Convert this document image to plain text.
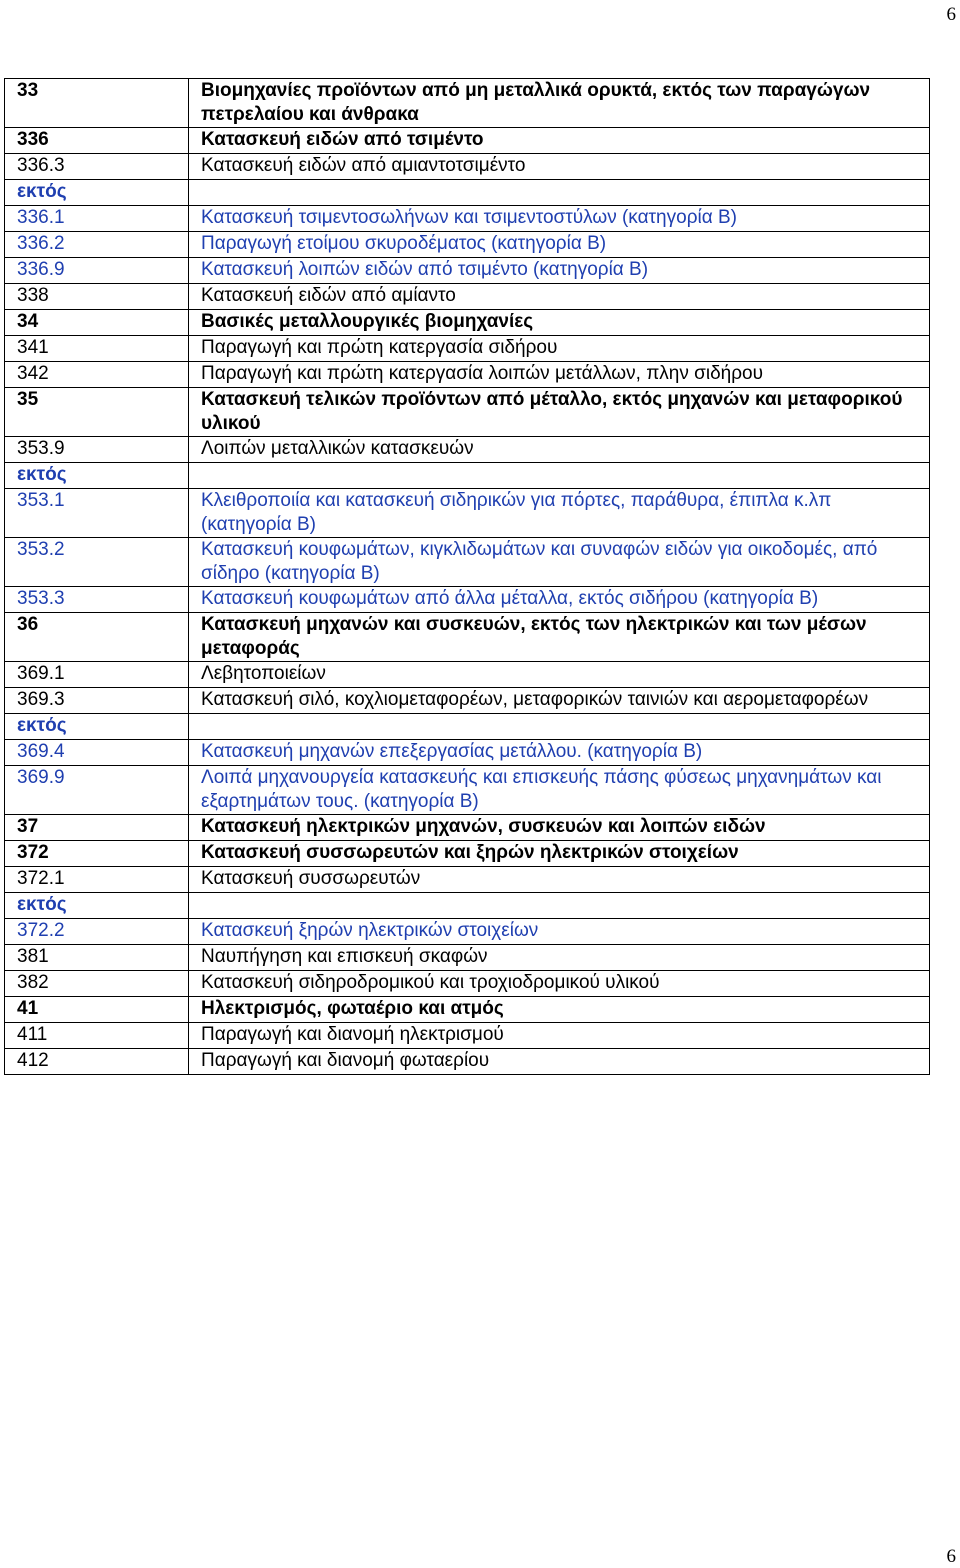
6
33	Βιομηχανίες προϊόντων από μη μεταλλικά ορυκτά, εκτός των παραγώγων πετρελαίου και άνθρακα
336	Κατασκευή ειδών από τσιμέντο
336.3	Κατασκευή ειδών από αμιαντοτσιμέντο
εκτός	
336.1	Κατασκευή τσιμεντοσωλήνων και τσιμεντοστύλων (κατηγορία Β)
336.2	Παραγωγή ετοίμου σκυροδέματος (κατηγορία Β)
336.9	Κατασκευή λοιπών ειδών από τσιμέντο (κατηγορία Β)
338	Κατασκευή ειδών από αμίαντο
34	Βασικές μεταλλουργικές βιομηχανίες
341	Παραγωγή και πρώτη κατεργασία σιδήρου
342	Παραγωγή και πρώτη κατεργασία λοιπών μετάλλων, πλην σιδήρου
35	Κατασκευή τελικών προϊόντων από μέταλλο, εκτός μηχανών και μεταφορικού υλικού
353.9	Λοιπών μεταλλικών κατασκευών
εκτός	
353.1	Κλειθροποιία και κατασκευή σιδηρικών για πόρτες, παράθυρα, έπιπλα κ.λπ (κατηγορία Β)
353.2	Κατασκευή κουφωμάτων, κιγκλιδωμάτων και συναφών ειδών για οικοδομές, από σίδηρο (κατηγορία Β)
353.3	Κατασκευή κουφωμάτων από άλλα μέταλλα, εκτός σιδήρου (κατηγορία Β)
36	Κατασκευή μηχανών και συσκευών, εκτός των ηλεκτρικών και των μέσων μεταφοράς
369.1	Λεβητοποιείων
369.3	Κατασκευή σιλό, κοχλιομεταφορέων, μεταφορικών ταινιών και αερομεταφορέων
εκτός	
369.4	Κατασκευή μηχανών επεξεργασίας μετάλλου. (κατηγορία Β)
369.9	Λοιπά μηχανουργεία κατασκευής και επισκευής πάσης φύσεως μηχανημάτων και εξαρτημάτων τους. (κατηγορία Β)
37	Κατασκευή ηλεκτρικών μηχανών, συσκευών και λοιπών ειδών
372	Κατασκευή συσσωρευτών και ξηρών ηλεκτρικών στοιχείων
372.1	Κατασκευή συσσωρευτών
εκτός	
372.2	Κατασκευή ξηρών ηλεκτρικών στοιχείων
381	Ναυπήγηση και επισκευή σκαφών
382	Κατασκευή σιδηροδρομικού και τροχιοδρομικού υλικού
41	Ηλεκτρισμός, φωταέριο και ατμός
411	Παραγωγή και διανομή ηλεκτρισμού
412	Παραγωγή και διανομή φωταερίου
6
